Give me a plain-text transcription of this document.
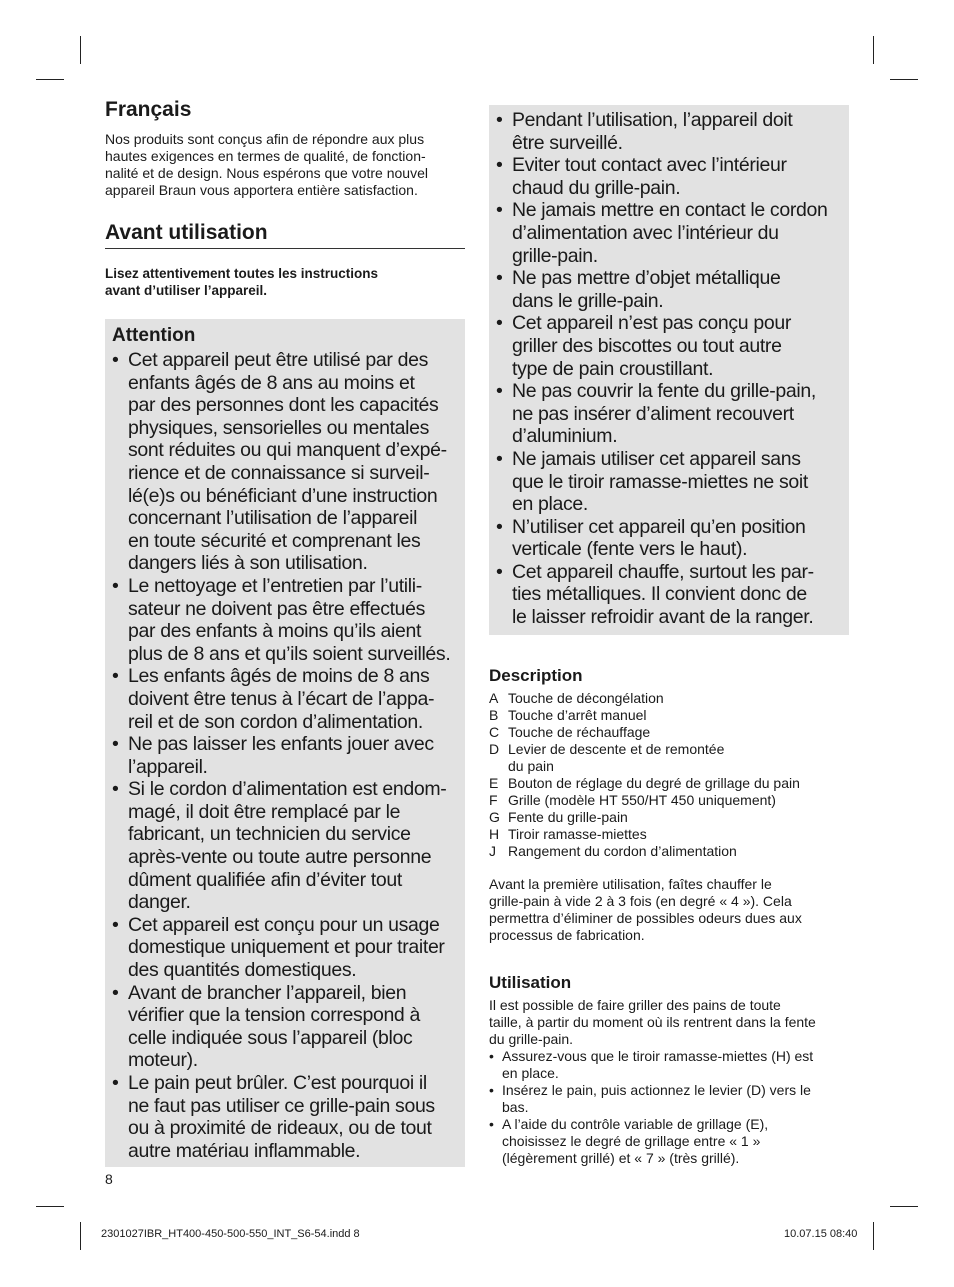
Français

Nos produits sont conçus afin de répondre aux plus
hautes exigences en termes de qualité, de fonction-
nalité et de design. Nous espérons que votre nouvel
appareil Braun vous apportera entière satisfaction.

Avant utilisation

Lisez attentivement toutes les instructions
avant d’utiliser l’appareil.

Attention
• Cet appareil peut être utilisé par des
enfants âgés de 8 ans au moins et
par des personnes dont les capacités
physiques, sensorielles ou mentales
sont réduites ou qui manquent d’expé-
rience et de connaissance si surveil-
lé(e)s ou bénéficiant d’une instruction
concernant l’utilisation de l’appareil
en toute sécurité et comprenant les
dangers liés à son utilisation.
• Le nettoyage et l’entretien par l’utili-
sateur ne doivent pas être effectués
par des enfants à moins qu’ils aient
plus de 8 ans et qu’ils soient surveillés.
• Les enfants âgés de moins de 8 ans
doivent être tenus à l’écart de l’appa-
reil et de son cordon d’alimentation.
• Ne pas laisser les enfants jouer avec
l’appareil.
• Si le cordon d’alimentation est endom-
magé, il doit être remplacé par le
fabricant, un technicien du service
après-vente ou toute autre personne
dûment qualifiée afin d’éviter tout
danger.
• Cet appareil est conçu pour un usage
domestique uniquement et pour traiter
des quantités domestiques.
• Avant de brancher l’appareil, bien
vérifier que la tension correspond à
celle indiquée sous l’appareil (bloc
moteur).
• Le pain peut brûler. C’est pourquoi il
ne faut pas utiliser ce grille-pain sous
ou à proximité de rideaux, ou de tout
autre matériau inflammable.
• Pendant l’utilisation, l’appareil doit
être surveillé.
• Eviter tout contact avec l’intérieur
chaud du grille-pain.
• Ne jamais mettre en contact le cordon
d’alimentation avec l’intérieur du
grille-pain.
• Ne pas mettre d’objet métallique
dans le grille-pain.
• Cet appareil n’est pas conçu pour
griller des biscottes ou tout autre
type de pain croustillant.
• Ne pas couvrir la fente du grille-pain,
ne pas insérer d’aliment recouvert
d’aluminium.
• Ne jamais utiliser cet appareil sans
que le tiroir ramasse-miettes ne soit
en place.
• N’utiliser cet appareil qu’en position
verticale (fente vers le haut).
• Cet appareil chauffe, surtout les par-
ties métalliques. Il convient donc de
le laisser refroidir avant de la ranger.
Description
A Touche de décongélation
B Touche d’arrêt manuel
C Touche de réchauffage
D Levier de descente et de remontée
du pain
E Bouton de réglage du degré de grillage du pain
F Grille (modèle HT 550/HT 450 uniquement)
G Fente du grille-pain
H Tiroir ramasse-miettes
J Rangement du cordon d’alimentation

Avant la première utilisation, faîtes chauffer le
grille-pain à vide 2 à 3 fois (en degré « 4 »). Cela
permettra d’éliminer de possibles odeurs dues aux
processus de fabrication.

Utilisation

Il est possible de faire griller des pains de toute
taille, à partir du moment où ils rentrent dans la fente
du grille-pain.

• Assurez-vous que le tiroir ramasse-miettes (H) est
en place.
• Insérez le pain, puis actionnez le levier (D) vers le
bas.
• A l’aide du contrôle variable de grillage (E),
choisissez le degré de grillage entre « 1 »
(légèrement grillé) et « 7 » (très grillé).
8
2301027IBR_HT400-450-500-550_INT_S6-54.indd 8	10.07.15 08:40
